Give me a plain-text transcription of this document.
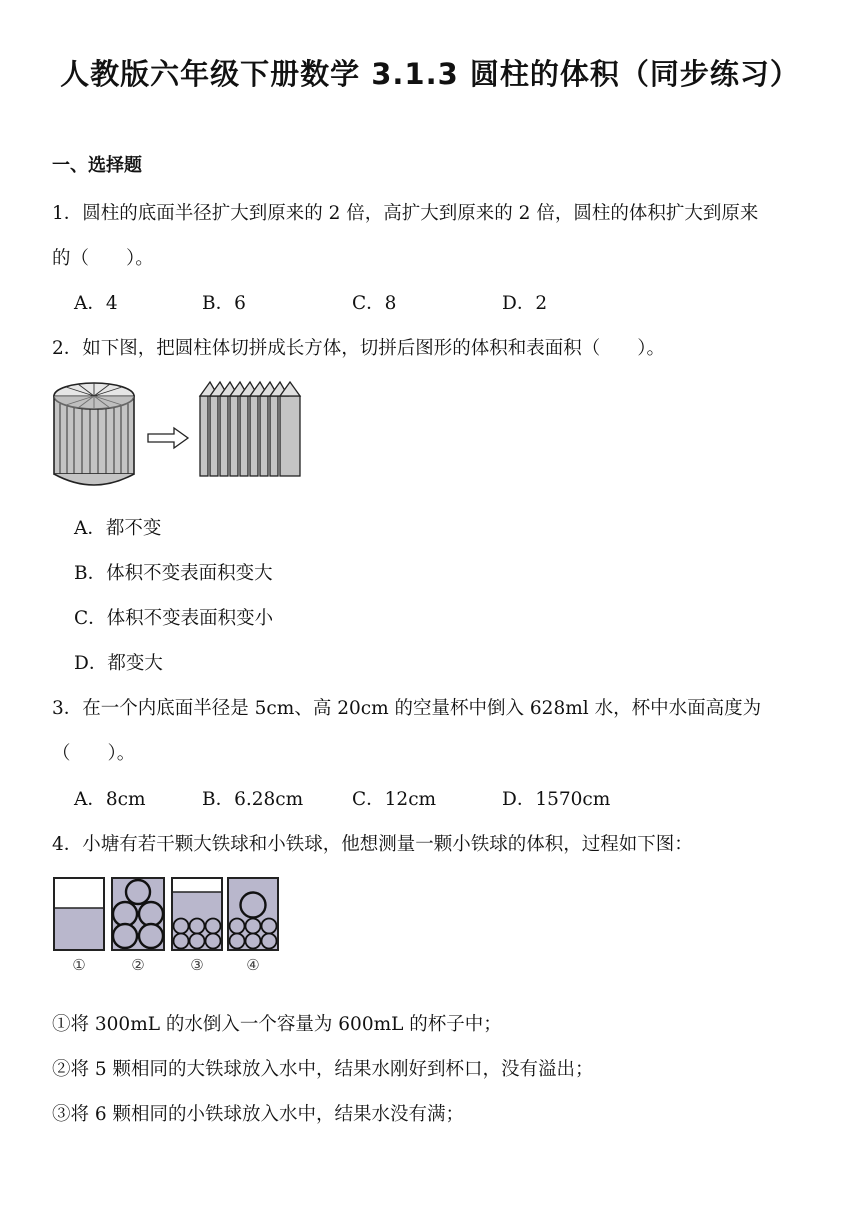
人教版六年级下册数学 3.1.3 圆柱的体积（同步练习）
一、选择题
1．圆柱的底面半径扩大到原来的 2 倍，高扩大到原来的 2 倍，圆柱的体积扩大到原来
的（　　）。
A．4	B．6	C．8	D．2
2．如下图，把圆柱体切拼成长方体，切拼后图形的体积和表面积（　　）。
A．都不变
B．体积不变表面积变大
C．体积不变表面积变小
D．都变大
3．在一个内底面半径是 5cm、高 20cm 的空量杯中倒入 628ml 水，杯中水面高度为
（　　）。
A．8cm	B．6.28cm	C．12cm	D．1570cm
4．小塘有若干颗大铁球和小铁球，他想测量一颗小铁球的体积，过程如下图：
①	②	③	④
①将 300mL 的水倒入一个容量为 600mL 的杯子中；
②将 5 颗相同的大铁球放入水中，结果水刚好到杯口，没有溢出；
③将 6 颗相同的小铁球放入水中，结果水没有满；
